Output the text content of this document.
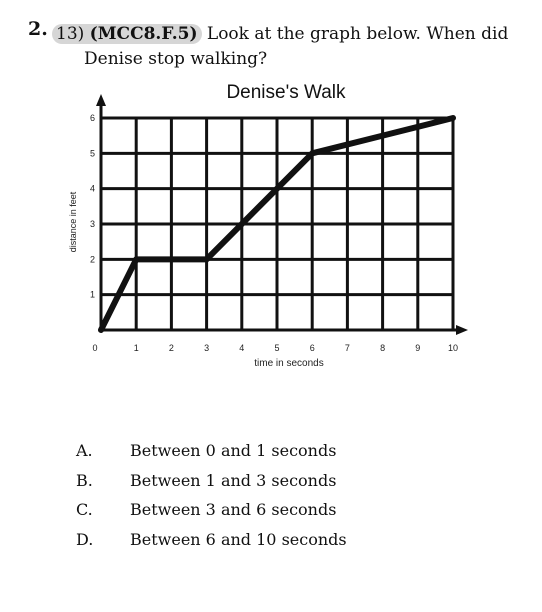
2. 13) (MCC8.F.5) Look at the graph below. When did
Denise stop walking?
Denise's Walk
1
2
3
4
5
6
0	1	2	3	4	5	6	7	8	9	10
distance in feet
time in seconds
A.	Between 0 and 1 seconds
B.	Between 1 and 3 seconds
C.	Between 3 and 6 seconds
D.	Between 6 and 10 seconds
